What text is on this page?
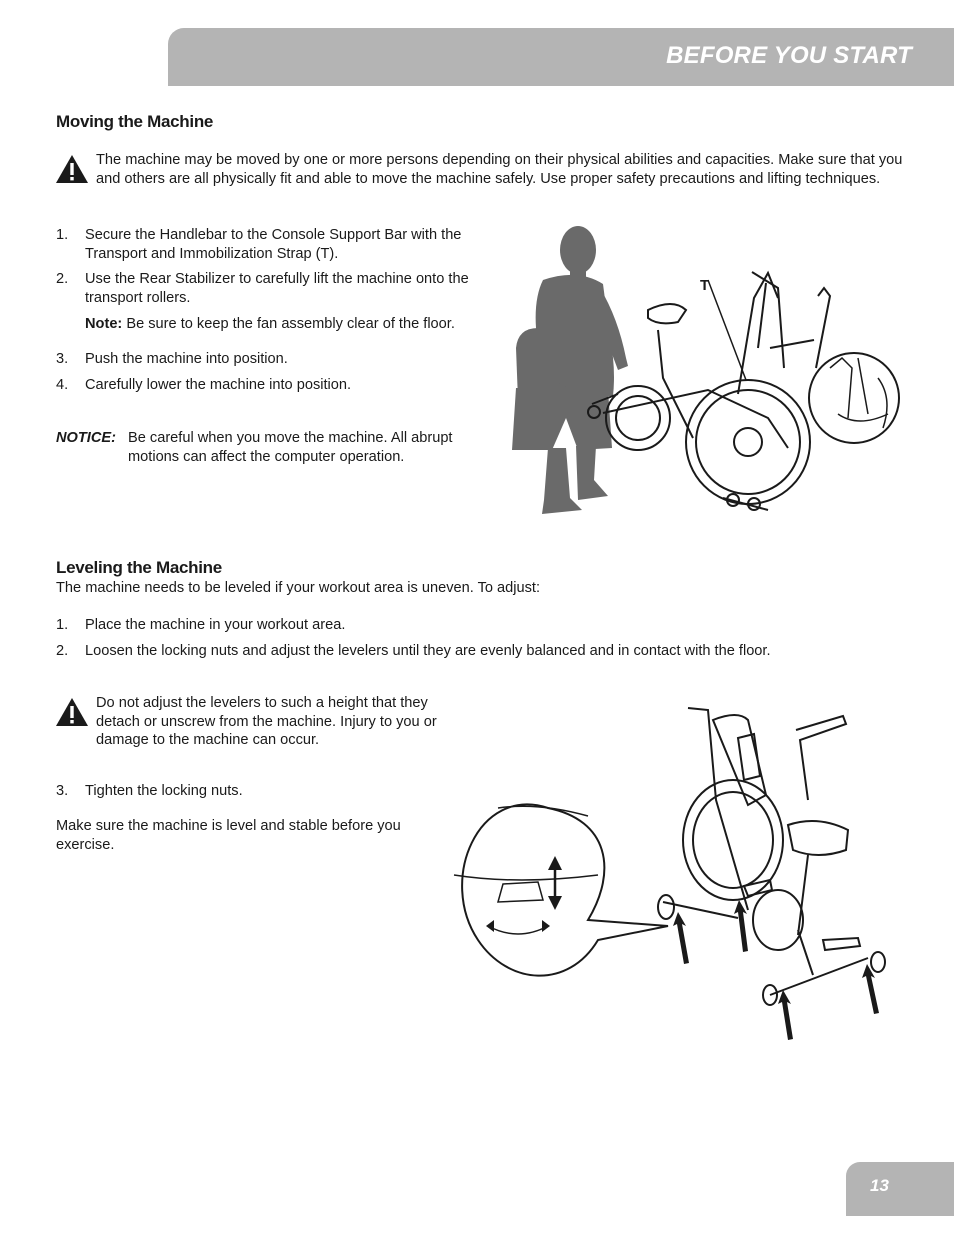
BEFORE YOU START
Moving the Machine
The machine may be moved by one or more persons depending on their physical abilities and capacities. Make sure that you and others are all physically fit and able to move the machine safely. Use proper safety precautions and lifting techniques.
1. Secure the Handlebar to the Console Support Bar with the Transport and Immobilization Strap (T).
2. Use the Rear Stabilizer to carefully lift the machine onto the transport rollers.
Note: Be sure to keep the fan assembly clear of the floor.
3. Push the machine into position.
4. Carefully lower the machine into position.
NOTICE: Be careful when you move the machine. All abrupt motions can affect the computer operation.
T
Leveling the Machine
The machine needs to be leveled if your workout area is uneven. To adjust:
1. Place the machine in your workout area.
2. Loosen the locking nuts and adjust the levelers until they are evenly balanced and in contact with the floor.
Do not adjust the levelers to such a height that they detach or unscrew from the machine. Injury to you or damage to the machine can occur.
3. Tighten the locking nuts.
Make sure the machine is level and stable before you exercise.
13
